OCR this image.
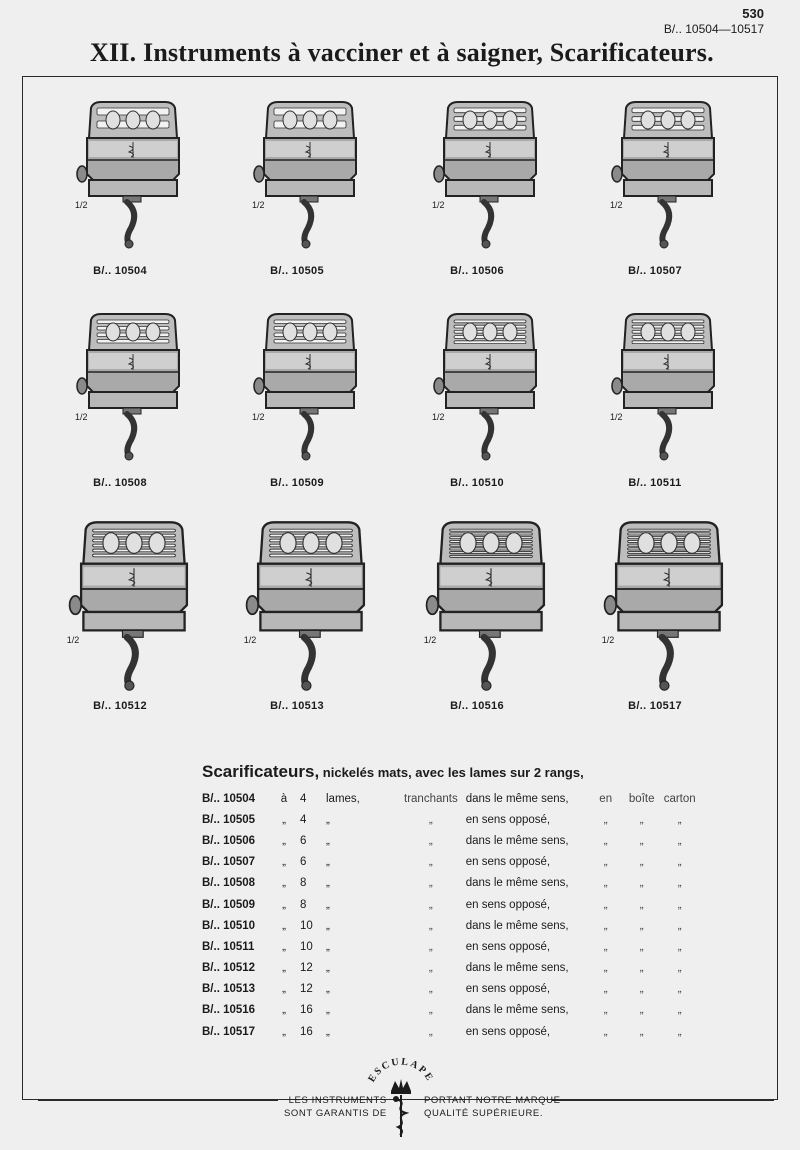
530
B/.. 10504—10517
XII. Instruments à vacciner et à saigner, Scarificateurs.
1/2
B/.. 10504
1/2
B/.. 10505
1/2
B/.. 10506
1/2
B/.. 10507
1/2
B/.. 10508
1/2
B/.. 10509
1/2
B/.. 10510
1/2
B/.. 10511
1/2
B/.. 10512
1/2
B/.. 10513
1/2
B/.. 10516
1/2
B/.. 10517
Scarificateurs, nickelés mats, avec les lames sur 2 rangs,
B/.. 10504	à	4	lames,	tranchants	dans le même sens,	en	boîte	carton
B/.. 10505	„	4	„	„	en sens opposé,	„	„	„
B/.. 10506	„	6	„	„	dans le même sens,	„	„	„
B/.. 10507	„	6	„	„	en sens opposé,	„	„	„
B/.. 10508	„	8	„	„	dans le même sens,	„	„	„
B/.. 10509	„	8	„	„	en sens opposé,	„	„	„
B/.. 10510	„	10	„	„	dans le même sens,	„	„	„
B/.. 10511	„	10	„	„	en sens opposé,	„	„	„
B/.. 10512	„	12	„	„	dans le même sens,	„	„	„
B/.. 10513	„	12	„	„	en sens opposé,	„	„	„
B/.. 10516	„	16	„	„	dans le même sens,	„	„	„
B/.. 10517	„	16	„	„	en sens opposé,	„	„	„
LES INSTRUMENTS
SONT GARANTIS DE
PORTANT NOTRE MARQUE
QUALITÉ SUPÉRIEURE.
ESCULAPE
